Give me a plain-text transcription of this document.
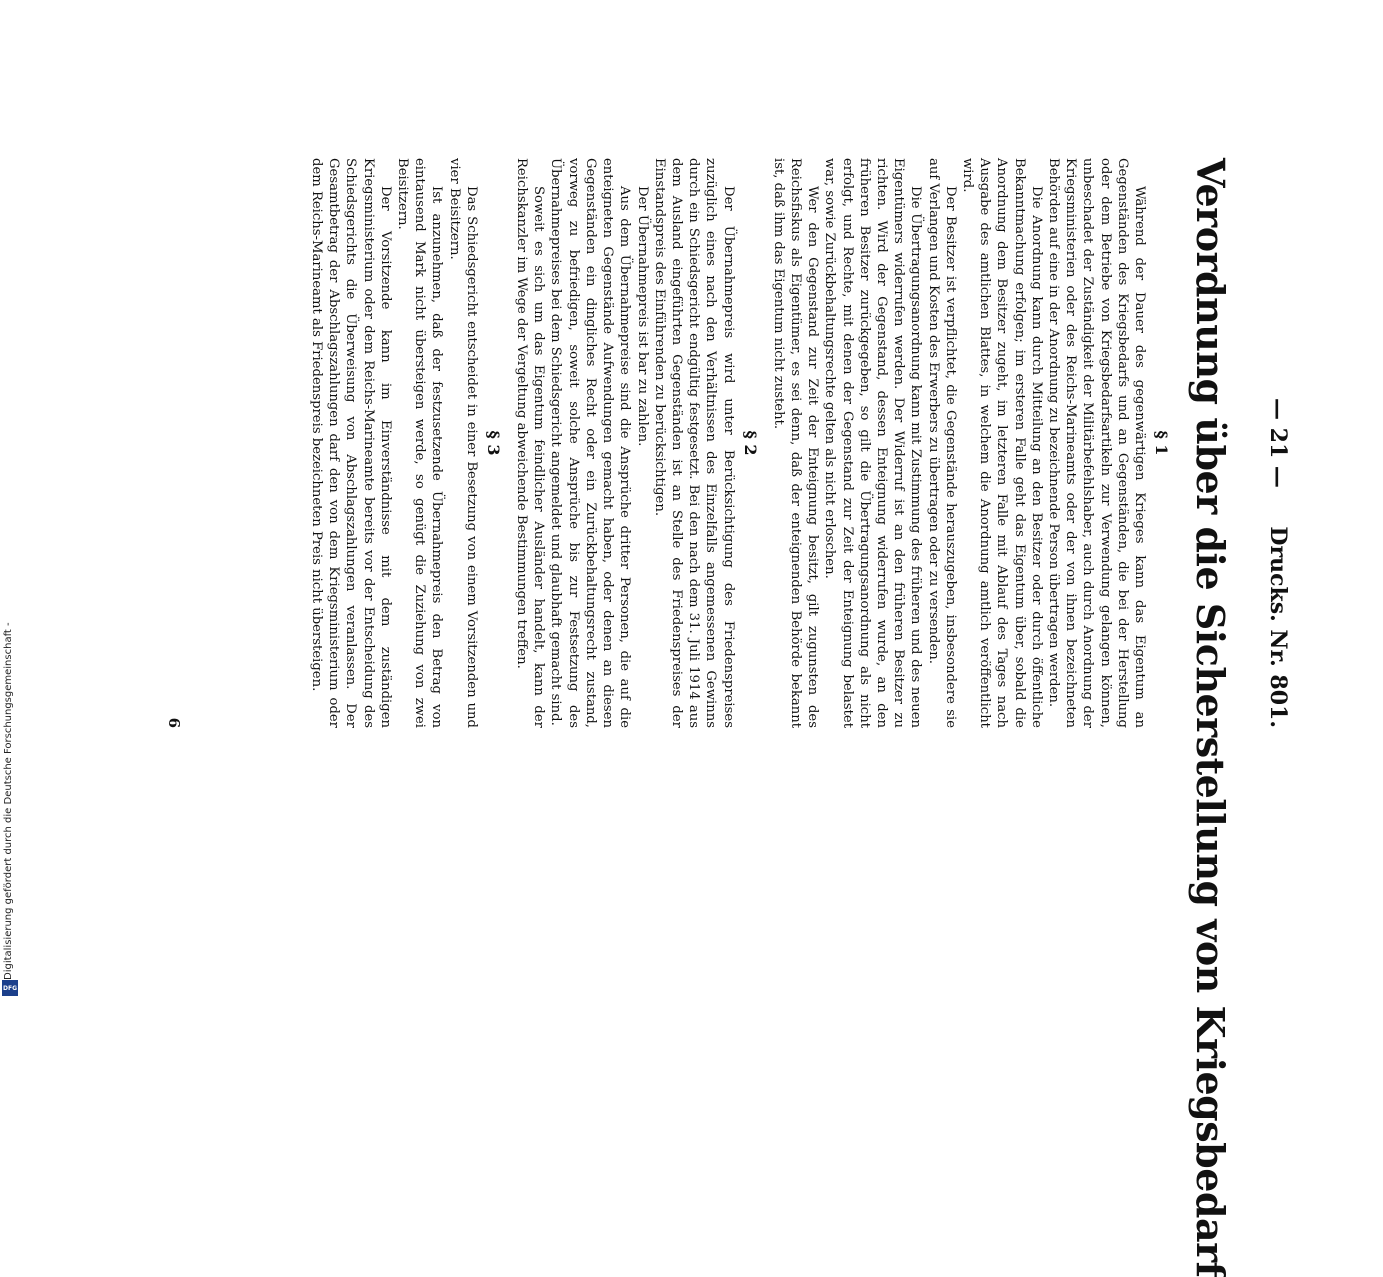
— 21 —
Drucks. Nr. 801.
Verordnung über die Sicherstellung von Kriegsbedarf
§ 1

Während der Dauer des gegenwärtigen Krieges kann das Eigentum an Gegenständen des Kriegsbedarfs und an Gegenständen, die bei der Herstellung oder dem Betriebe von Kriegsbedarfsartikeln zur Verwendung gelangen können, unbeschadet der Zuständigkeit der Militärbefehlshaber, auch durch Anordnung der Kriegsministerien oder des Reichs-Marineamts oder der von ihnen bezeichneten Behörden auf eine in der Anordnung zu bezeichnende Person übertragen werden.

Die Anordnung kann durch Mitteilung an den Besitzer oder durch öffentliche Bekanntmachung erfolgen; im ersteren Falle geht das Eigentum über, sobald die Anordnung dem Besitzer zugeht, im letzteren Falle mit Ablauf des Tages nach Ausgabe des amtlichen Blattes, in welchem die Anordnung amtlich veröffentlicht wird.

Der Besitzer ist verpflichtet, die Gegenstände herauszugeben, insbesondere sie auf Verlangen und Kosten des Erwerbers zu übertragen oder zu versenden.

Die Übertragungsanordnung kann mit Zustimmung des früheren und des neuen Eigentümers widerrufen werden. Der Widerruf ist an den früheren Besitzer zu richten. Wird der Gegenstand, dessen Enteignung widerrufen wurde, an den früheren Besitzer zurückgegeben, so gilt die Übertragungsanordnung als nicht erfolgt, und Rechte, mit denen der Gegenstand zur Zeit der Enteignung belastet war, sowie Zurückbehaltungsrechte gelten als nicht erloschen.

Wer den Gegenstand zur Zeit der Enteignung besitzt, gilt zugunsten des Reichsfiskus als Eigentümer, es sei denn, daß der enteignenden Behörde bekannt ist, daß ihm das Eigentum nicht zusteht.

§ 2

Der Übernahmepreis wird unter Berücksichtigung des Friedenspreises zuzüglich eines nach den Verhältnissen des Einzelfalls angemessenen Gewinns durch ein Schiedsgericht endgültig festgesetzt. Bei den nach dem 31. Juli 1914 aus dem Ausland eingeführten Gegenständen ist an Stelle des Friedenspreises der Einstandspreis des Einführenden zu berücksichtigen.

Der Übernahmepreis ist bar zu zahlen.

Aus dem Übernahmepreise sind die Ansprüche dritter Personen, die auf die enteigneten Gegenstände Aufwendungen gemacht haben, oder denen an diesen Gegenständen ein dingliches Recht oder ein Zurückbehaltungsrecht zustand, vorweg zu befriedigen, soweit solche Ansprüche bis zur Festsetzung des Übernahmepreises bei dem Schiedsgericht angemeldet und glaubhaft gemacht sind.

Soweit es sich um das Eigentum feindlicher Ausländer handelt, kann der Reichskanzler im Wege der Vergeltung abweichende Bestimmungen treffen.

§ 3

Das Schiedsgericht entscheidet in einer Besetzung von einem Vorsitzenden und vier Beisitzern.

Ist anzunehmen, daß der festzusetzende Übernahmepreis den Betrag von eintausend Mark nicht übersteigen werde, so genügt die Zuziehung von zwei Beisitzern.

Der Vorsitzende kann im Einverständnisse mit dem zuständigen Kriegsministerium oder dem Reichs-Marineamte bereits vor der Entscheidung des Schiedsgerichts die Überweisung von Abschlagszahlungen veranlassen. Der Gesamtbetrag der Abschlagszahlungen darf den von dem Kriegsministerium oder dem Reichs-Marineamt als Friedenspreis bezeichneten Preis nicht übersteigen.

6
Digitalisierung gefördert durch die Deutsche Forschungsgemeinschaft -
DFG
